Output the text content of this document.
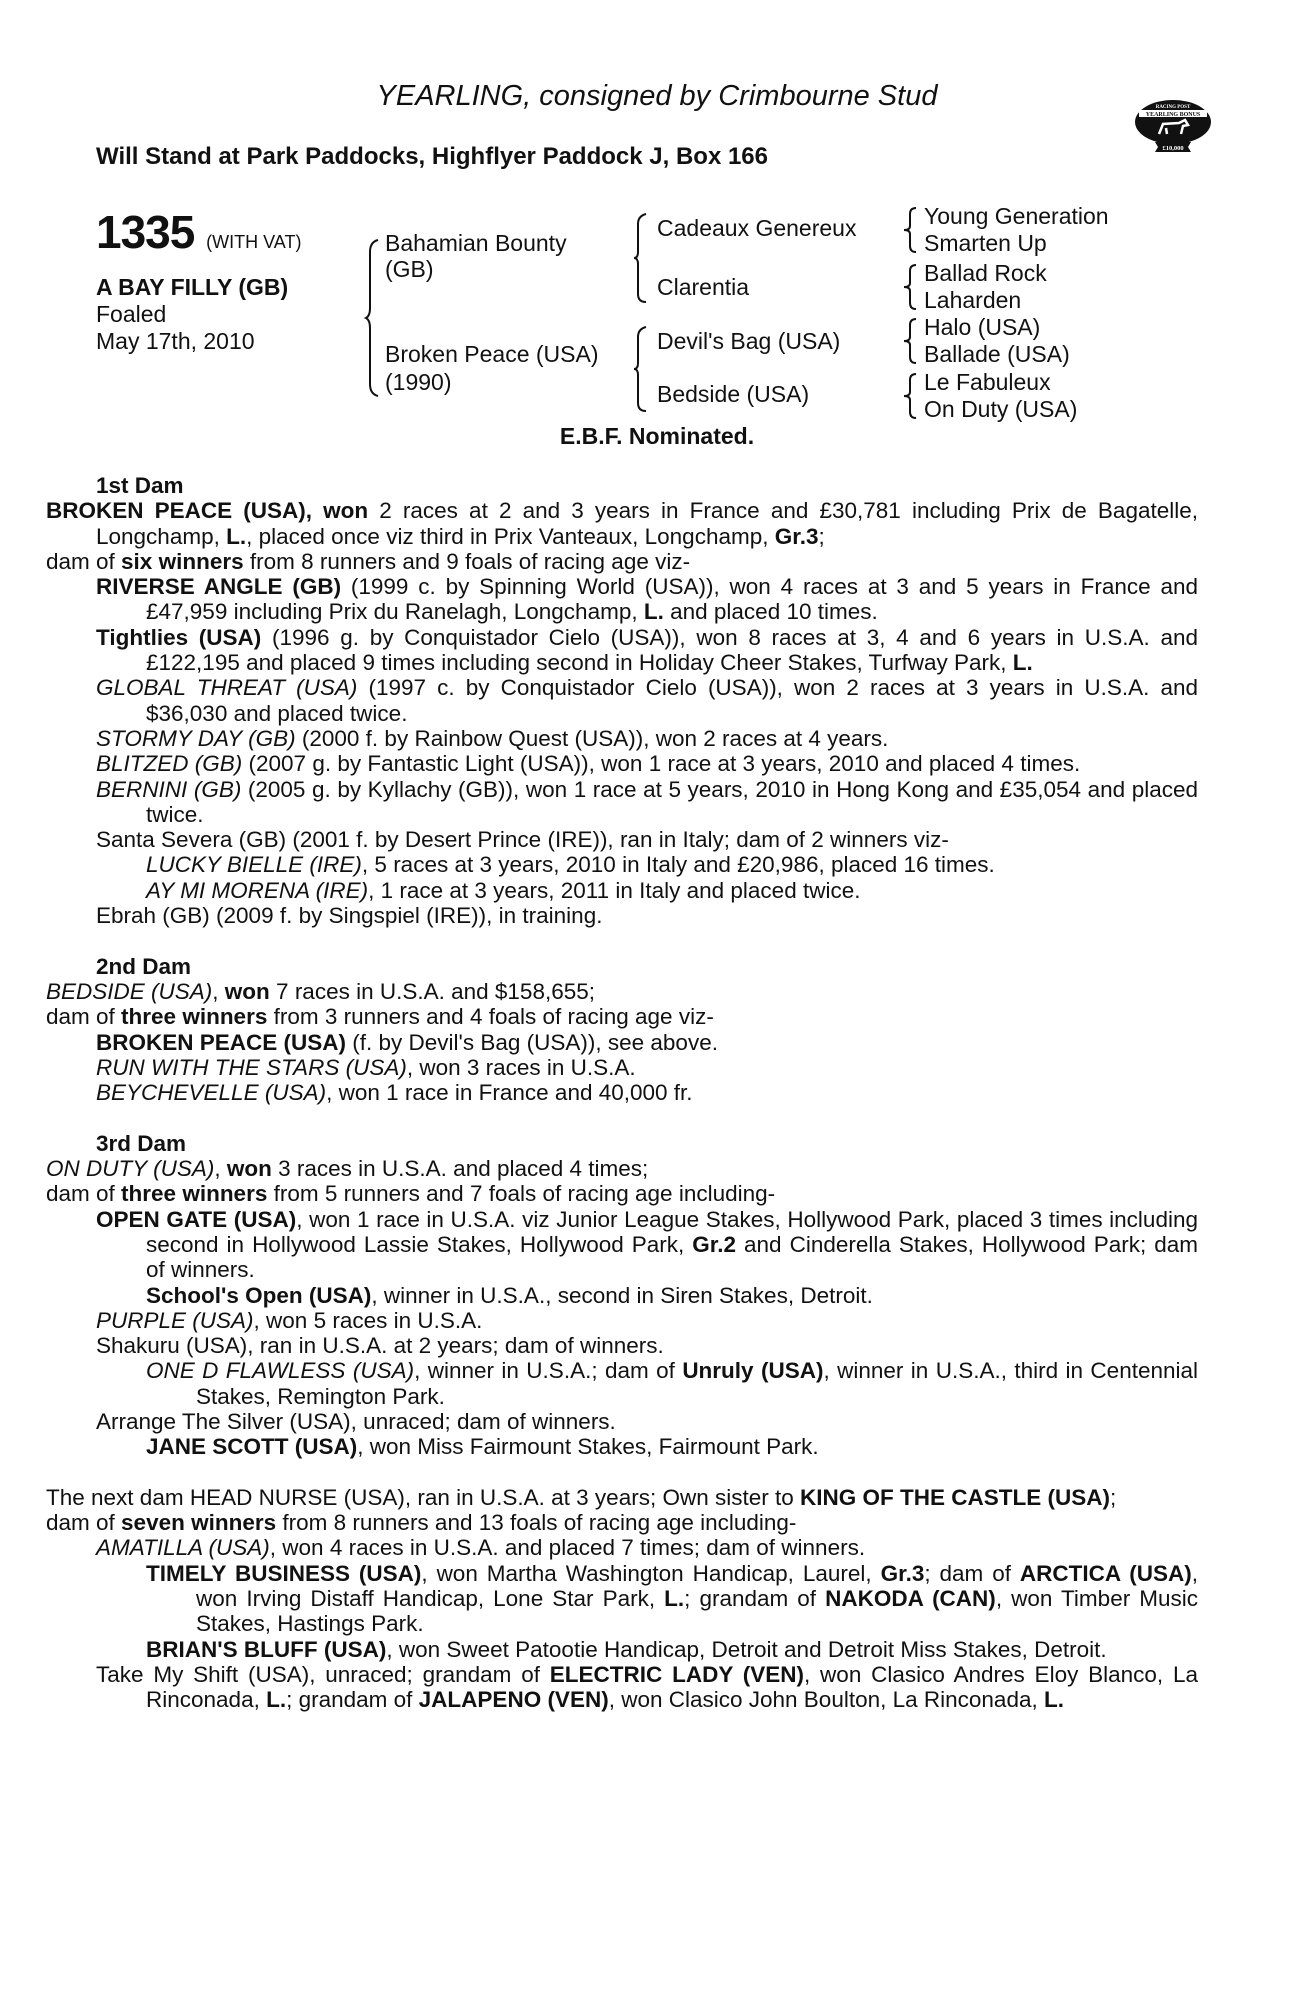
YEARLING, consigned by Crimbourne Stud
Will Stand at Park Paddocks, Highflyer Paddock J, Box 166
RACING POST
YEARLING BONUS
£10,000
1335 (WITH VAT)
A BAY FILLY (GB)
Foaled
May 17th, 2010
Bahamian Bounty
(GB)
Broken Peace (USA)
(1990)
Cadeaux Genereux
Clarentia
Devil's Bag (USA)
Bedside (USA)
Young Generation
Smarten Up
Ballad Rock
Laharden
Halo (USA)
Ballade (USA)
Le Fabuleux
On Duty (USA)
E.B.F. Nominated.
1st Dam
BROKEN PEACE (USA), won 2 races at 2 and 3 years in France and £30,781 including Prix de Bagatelle, Longchamp, L., placed once viz third in Prix Vanteaux, Longchamp, Gr.3;
dam of six winners from 8 runners and 9 foals of racing age viz-
RIVERSE ANGLE (GB) (1999 c. by Spinning World (USA)), won 4 races at 3 and 5 years in France and £47,959 including Prix du Ranelagh, Longchamp, L. and placed 10 times.
Tightlies (USA) (1996 g. by Conquistador Cielo (USA)), won 8 races at 3, 4 and 6 years in U.S.A. and £122,195 and placed 9 times including second in Holiday Cheer Stakes, Turfway Park, L.
GLOBAL THREAT (USA) (1997 c. by Conquistador Cielo (USA)), won 2 races at 3 years in U.S.A. and $36,030 and placed twice.
STORMY DAY (GB) (2000 f. by Rainbow Quest (USA)), won 2 races at 4 years.
BLITZED (GB) (2007 g. by Fantastic Light (USA)), won 1 race at 3 years, 2010 and placed 4 times.
BERNINI (GB) (2005 g. by Kyllachy (GB)), won 1 race at 5 years, 2010 in Hong Kong and £35,054 and placed twice.
Santa Severa (GB) (2001 f. by Desert Prince (IRE)), ran in Italy; dam of 2 winners viz-
LUCKY BIELLE (IRE), 5 races at 3 years, 2010 in Italy and £20,986, placed 16 times.
AY MI MORENA (IRE), 1 race at 3 years, 2011 in Italy and placed twice.
Ebrah (GB) (2009 f. by Singspiel (IRE)), in training.
2nd Dam
BEDSIDE (USA), won 7 races in U.S.A. and $158,655;
dam of three winners from 3 runners and 4 foals of racing age viz-
BROKEN PEACE (USA) (f. by Devil's Bag (USA)), see above.
RUN WITH THE STARS (USA), won 3 races in U.S.A.
BEYCHEVELLE (USA), won 1 race in France and 40,000 fr.
3rd Dam
ON DUTY (USA), won 3 races in U.S.A. and placed 4 times;
dam of three winners from 5 runners and 7 foals of racing age including-
OPEN GATE (USA), won 1 race in U.S.A. viz Junior League Stakes, Hollywood Park, placed 3 times including second in Hollywood Lassie Stakes, Hollywood Park, Gr.2 and Cinderella Stakes, Hollywood Park; dam of winners.
School's Open (USA), winner in U.S.A., second in Siren Stakes, Detroit.
PURPLE (USA), won 5 races in U.S.A.
Shakuru (USA), ran in U.S.A. at 2 years; dam of winners.
ONE D FLAWLESS (USA), winner in U.S.A.; dam of Unruly (USA), winner in U.S.A., third in Centennial Stakes, Remington Park.
Arrange The Silver (USA), unraced; dam of winners.
JANE SCOTT (USA), won Miss Fairmount Stakes, Fairmount Park.
The next dam HEAD NURSE (USA), ran in U.S.A. at 3 years; Own sister to KING OF THE CASTLE (USA);
dam of seven winners from 8 runners and 13 foals of racing age including-
AMATILLA (USA), won 4 races in U.S.A. and placed 7 times; dam of winners.
TIMELY BUSINESS (USA), won Martha Washington Handicap, Laurel, Gr.3; dam of ARCTICA (USA), won Irving Distaff Handicap, Lone Star Park, L.; grandam of NAKODA (CAN), won Timber Music Stakes, Hastings Park.
BRIAN'S BLUFF (USA), won Sweet Patootie Handicap, Detroit and Detroit Miss Stakes, Detroit.
Take My Shift (USA), unraced; grandam of ELECTRIC LADY (VEN), won Clasico Andres Eloy Blanco, La Rinconada, L.; grandam of JALAPENO (VEN), won Clasico John Boulton, La Rinconada, L.
